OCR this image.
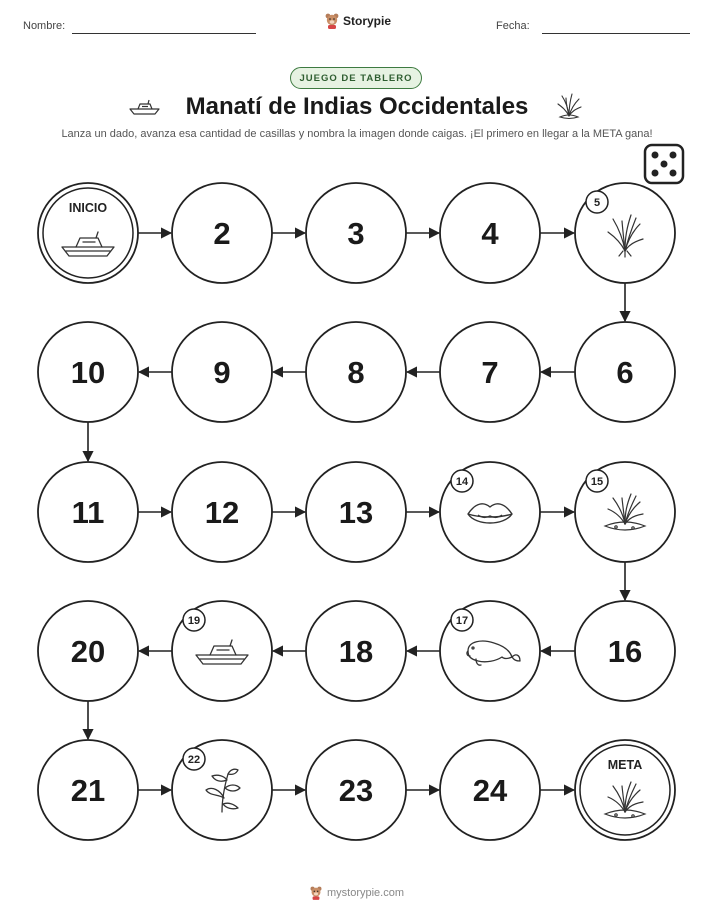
Nombre:	Storypie	Fecha:
JUEGO DE TABLERO
Manatí de Indias Occidentales
Lanza un dado, avanza esa cantidad de casillas y nombra la imagen donde caigas. ¡El primero en llegar a la META gana!
INICIO
2	3	4
5
6
7
8
9
10
11	12	13
14	15
16
17
18
19
20
21
22
23	24
META
mystorypie.com
